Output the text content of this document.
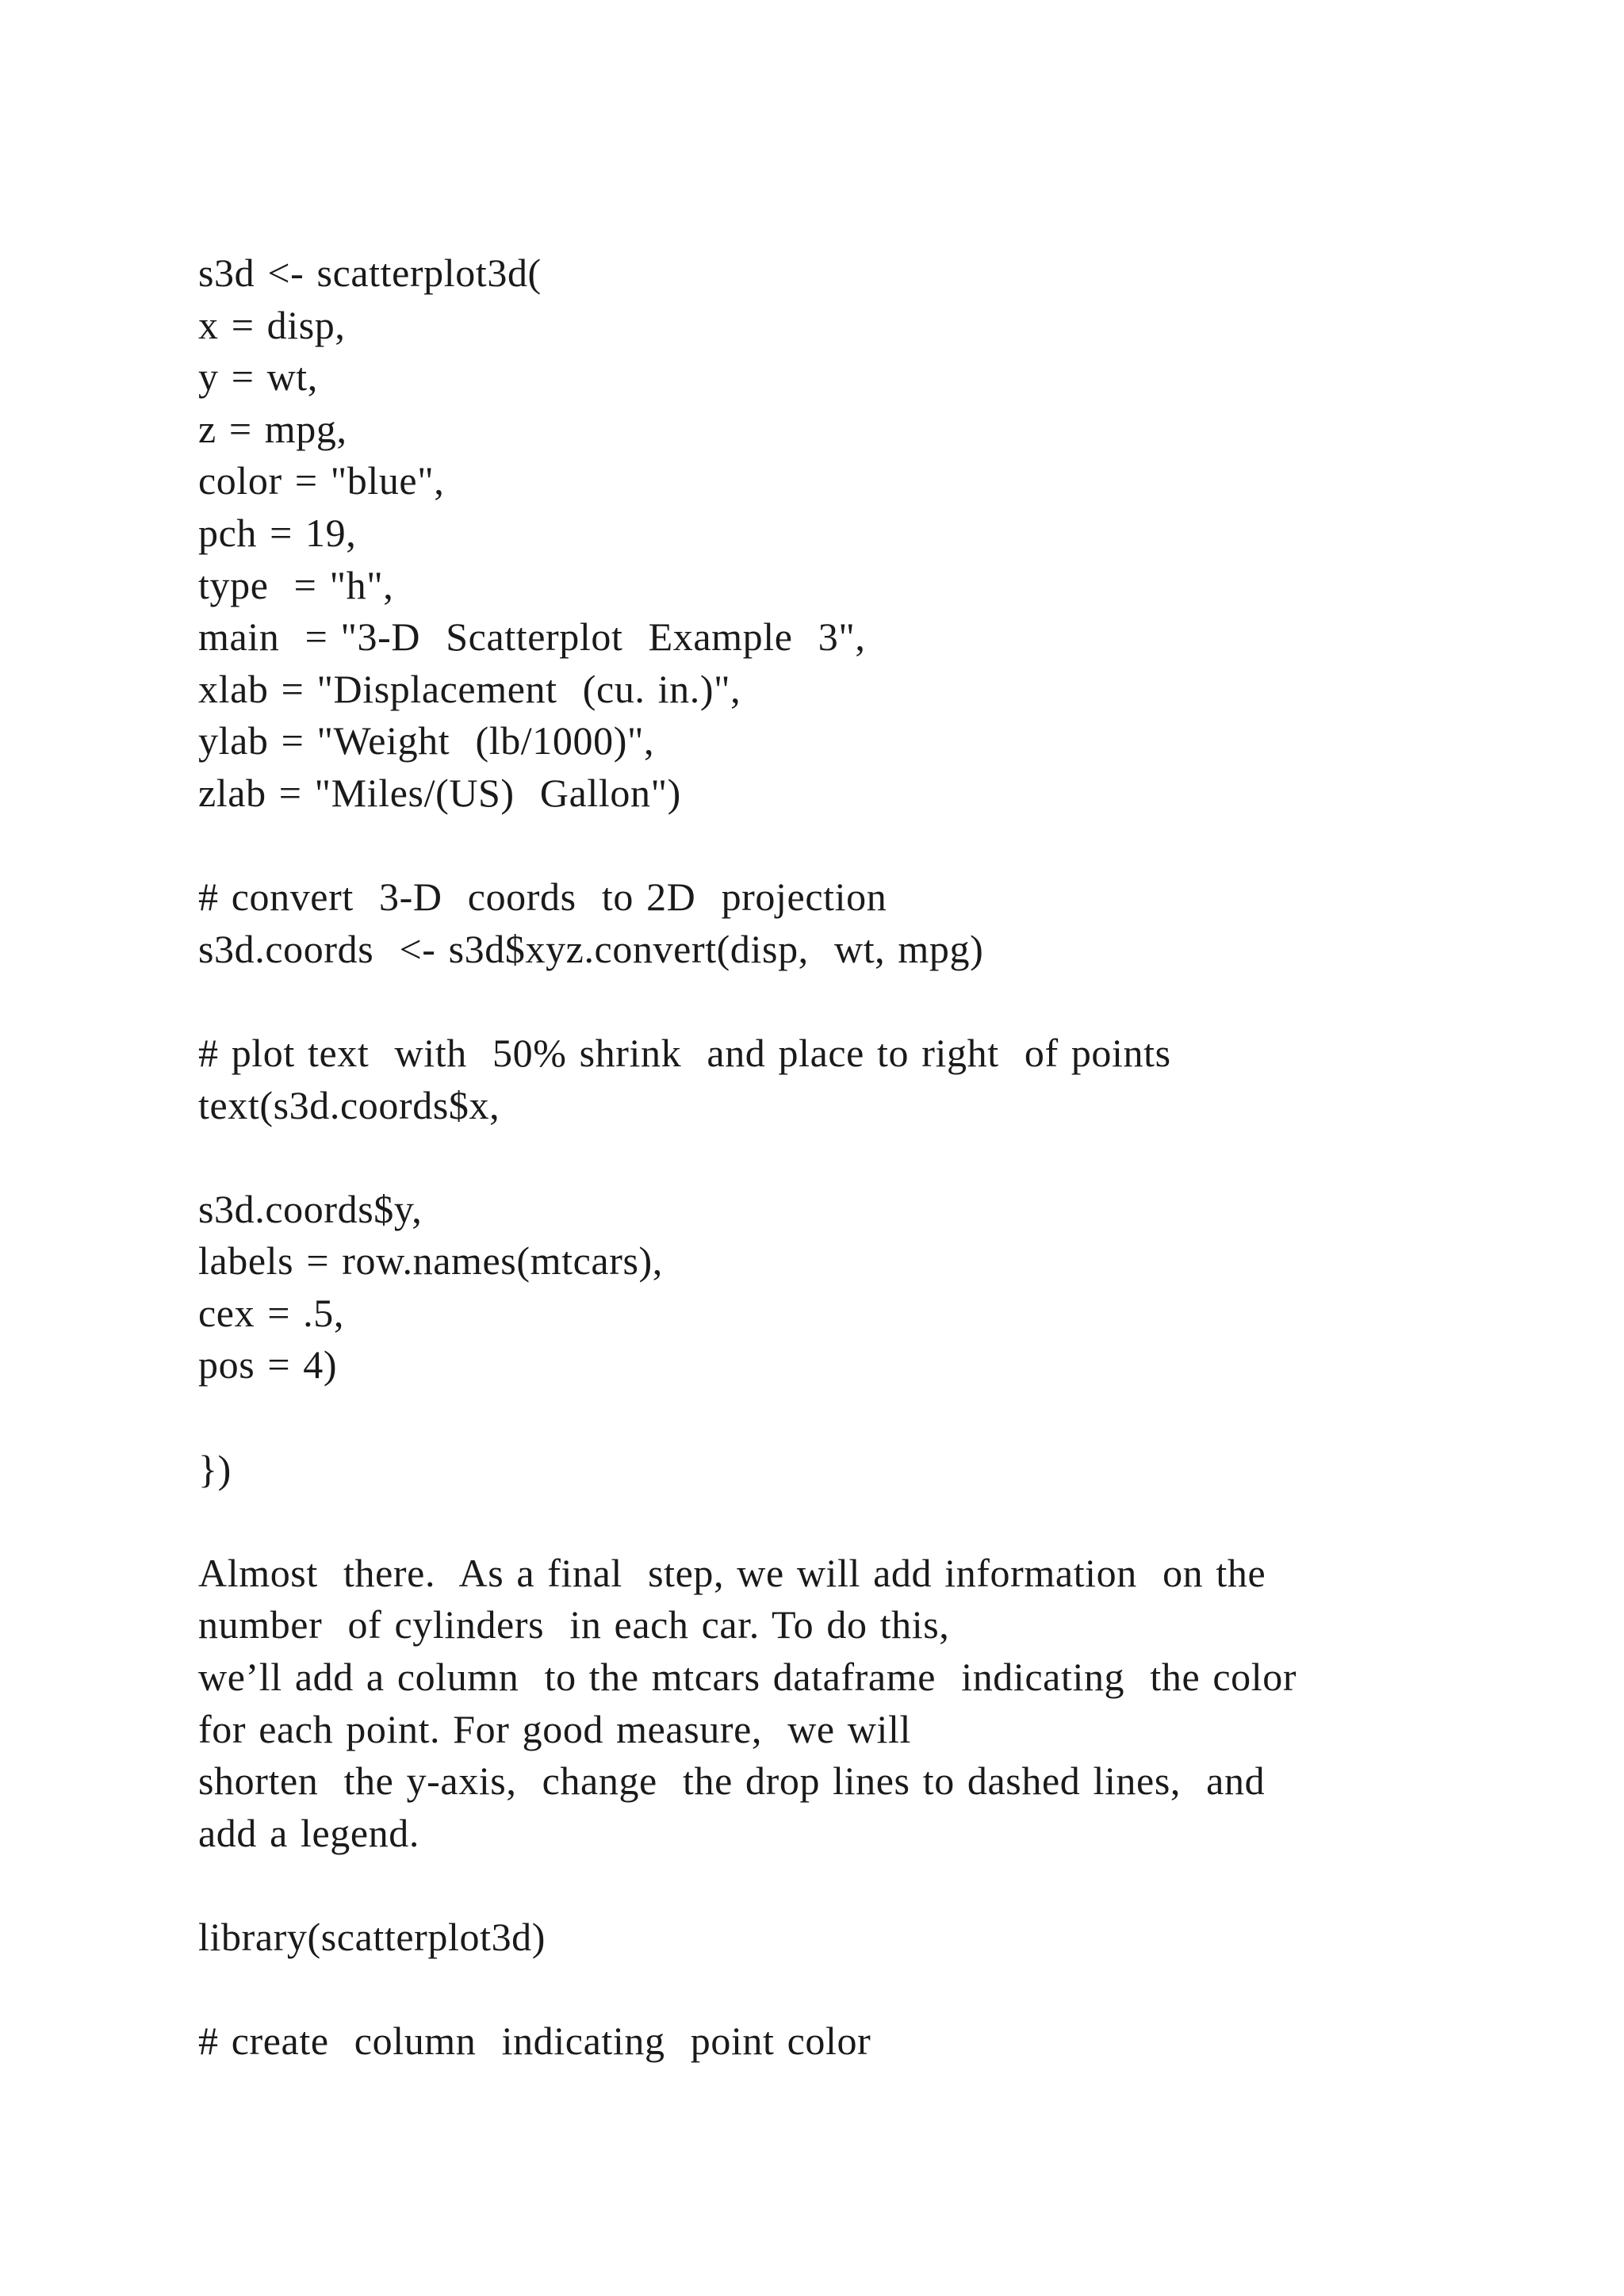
s3d <- scatterplot3d(
x = disp,
y = wt,
z = mpg,
color = "blue",
pch = 19,
type  = "h",
main  = "3-D  Scatterplot  Example  3",
xlab = "Displacement  (cu. in.)",
ylab = "Weight  (lb/1000)",
zlab = "Miles/(US)  Gallon")
# convert  3-D  coords  to 2D  projection
s3d.coords  <- s3d$xyz.convert(disp,  wt, mpg)
# plot text  with  50% shrink  and place to right  of points
text(s3d.coords$x,
s3d.coords$y,
labels = row.names(mtcars),
cex = .5,
pos = 4)
})
Almost  there.  As a final  step, we will add information  on the
number  of cylinders  in each car. To do this,
we’ll add a column  to the mtcars dataframe  indicating  the color
for each point. For good measure,  we will
shorten  the y-axis,  change  the drop lines to dashed lines,  and
add a legend.
library(scatterplot3d)
# create  column  indicating  point color
